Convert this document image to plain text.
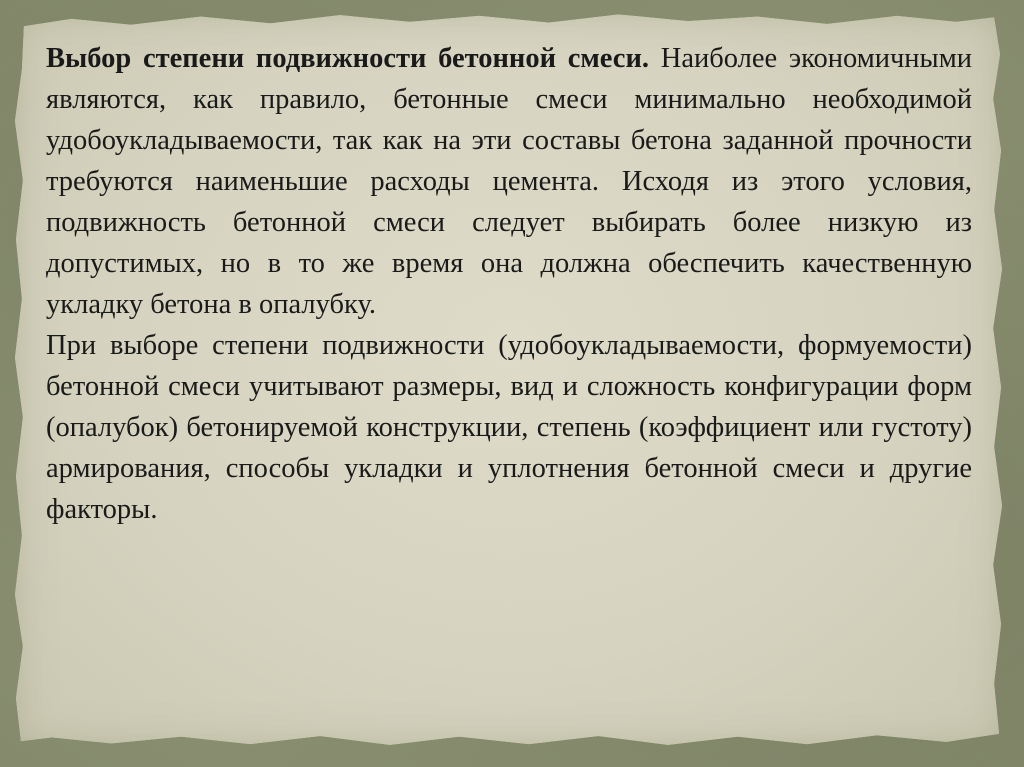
Выбор степени подвижности бетонной смеси. Наиболее экономичными являются, как правило, бетонные смеси минимально необходимой удобоукладываемости, так как на эти составы бетона заданной прочности требуются наименьшие расходы цемента. Исходя из этого условия, подвижность бетонной смеси следует выбирать более низкую из допустимых, но в то же время она должна обеспечить качественную укладку бетона в опалубку.

При выборе степени подвижности (удобоукладываемости, формуемости) бетонной смеси учитывают размеры, вид и сложность конфигурации форм (опалубок) бетонируемой конструкции, степень (коэффициент или густоту) армирования, способы укладки и уплотнения бетонной смеси и другие факторы.
